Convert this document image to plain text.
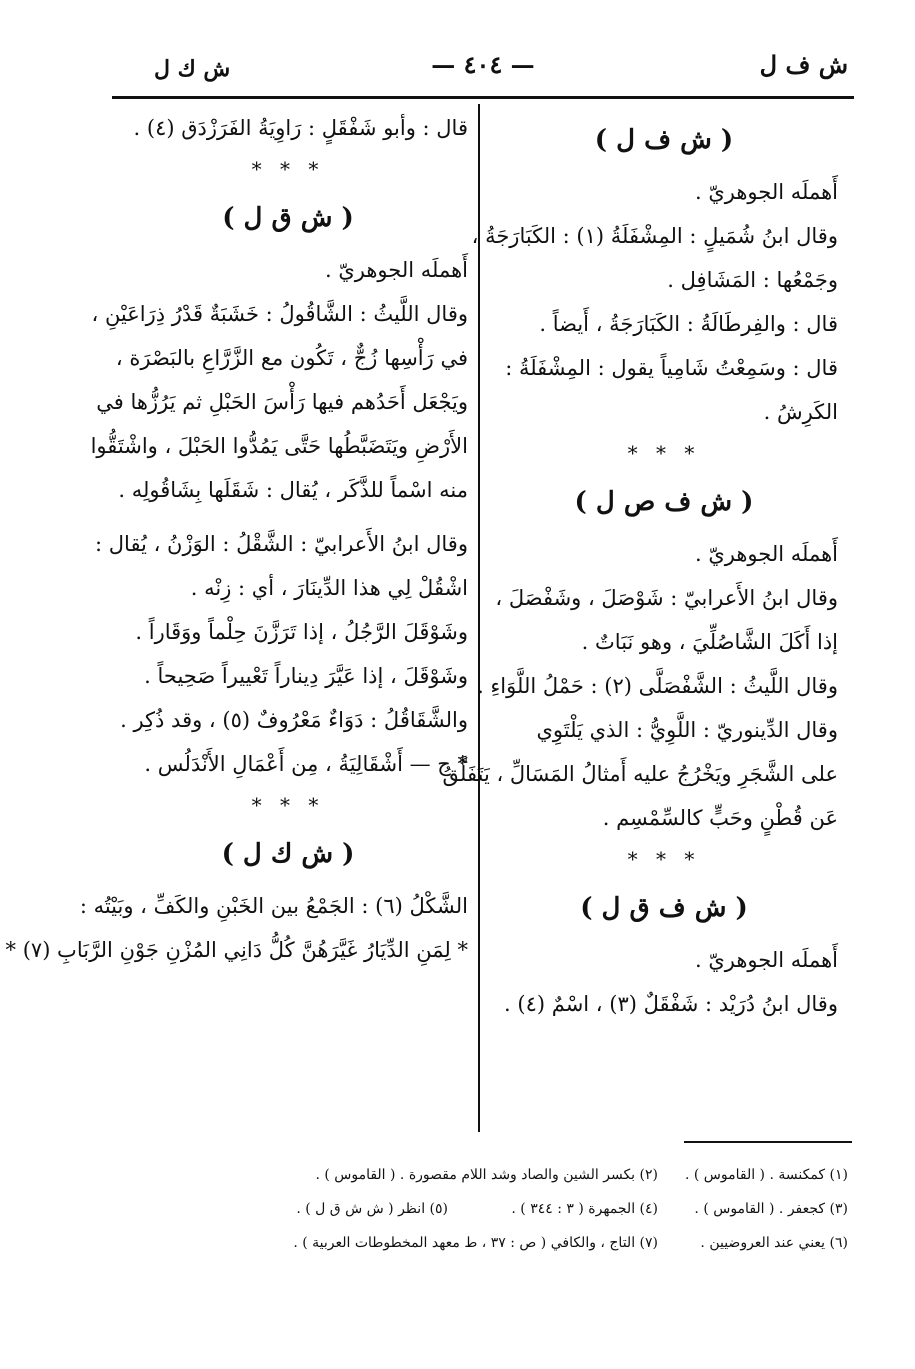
ش ف ل
— ٤٠٤ —
ش ك ل
( ش ف ل )
أَهملَه الجوهريّ .
وقال ابنُ شُمَيلٍ : المِشْفَلَةُ (١) : الكَبَارَجَةُ ،
وجَمْعُها : المَشَافِل .
قال : والفِرطَالَةُ : الكَبَارَجَةُ ، أَيضاً .
قال : وسَمِعْتُ شَامِياً يقول : المِشْفَلَةُ :
الكَرِشُ .
* * *
( ش ف ص ل )
أَهملَه الجوهريّ .
وقال ابنُ الأَعرابيّ : شَوْصَلَ ، وشَفْصَلَ ،
إذا أَكَلَ الشَّاصُلِّيَ ، وهو نَبَاتٌ .
وقال اللَّيثُ : الشَّفْصَلَّى (٢) : حَمْلُ اللَّوَاءِ .
وقال الدِّينوريّ : اللَّوِيُّ : الذي يَلْتَوِي
على الشَّجَرِ ويَخْرُجُ عليه أَمثالُ المَسَالِّ ، يَتَفَلَّقُ
عَن قُطْنٍ وحَبٍّ كالسِّمْسِم .
* * *
( ش ف ق ل )
أَهملَه الجوهريّ .
وقال ابنُ دُرَيْد : شَفْقَلٌ (٣) ، اسْمٌ (٤) .
قال : وأبو شَفْقَلٍ : رَاوِيَةُ الفَرَزْدَق (٤) .
* * *
( ش ق ل )
أَهملَه الجوهريّ .
وقال اللَّيثُ : الشَّاقُولُ : خَشَبَةٌ قَدْرُ ذِرَاعَيْنِ ،
في رَأْسِها زُجٌّ ، تَكُون مع الزَّرَّاعِ بالبَصْرَة ،
ويَجْعَل أَحَدُهم فيها رَأْسَ الحَبْلِ ثم يَرُزُّها في
الأَرْضِ ويَتَضَبَّطُها حَتَّى يَمُدُّوا الحَبْلَ ، واشْتَقُّوا
منه اسْماً للذَّكَر ، يُقال : شَقَلَها بِشَاقُولِه .
وقال ابنُ الأَعرابيّ : الشَّقْلُ : الوَزْنُ ، يُقال :
اشْقُلْ لِي هذا الدِّينَارَ ، أي : زِنْه .
وشَوْقَلَ الرَّجُلُ ، إذا تَرَزَّنَ حِلْماً ووَقَاراً .
وشَوْقَلَ ، إذا عَيَّرَ دِيناراً تَعْييراً صَحِيحاً .
والشَّقَاقُلُ : دَوَاءٌ مَعْرُوفٌ (٥) ، وقد ذُكِر .
* ح — أَشْقَالِيَةُ ، مِن أَعْمَالِ الأَنْدَلُس .
* * *
( ش ك ل )
الشَّكْلُ (٦) : الجَمْعُ بين الخَبْنِ والكَفِّ ، وبَيْتُه :
* لِمَنِ الدِّيَارُ غَيَّرَهُنَّ كُلُّ دَانِي المُزْنِ جَوْنِ الرَّبَابِ (٧) *
(١) كمكنسة . ( القاموس ) .
(٢) بكسر الشين والصاد وشد اللام مقصورة . ( القاموس ) .
(٣) كجعفر . ( القاموس ) .
(٤) الجمهرة ( ٣ : ٣٤٤ ) .
(٥) انظر ( ش ش ق ل ) .
(٦) يعني عند العروضيين .
(٧) التاج ، والكافي ( ص : ٣٧ ، ط معهد المخطوطات العربية ) .
